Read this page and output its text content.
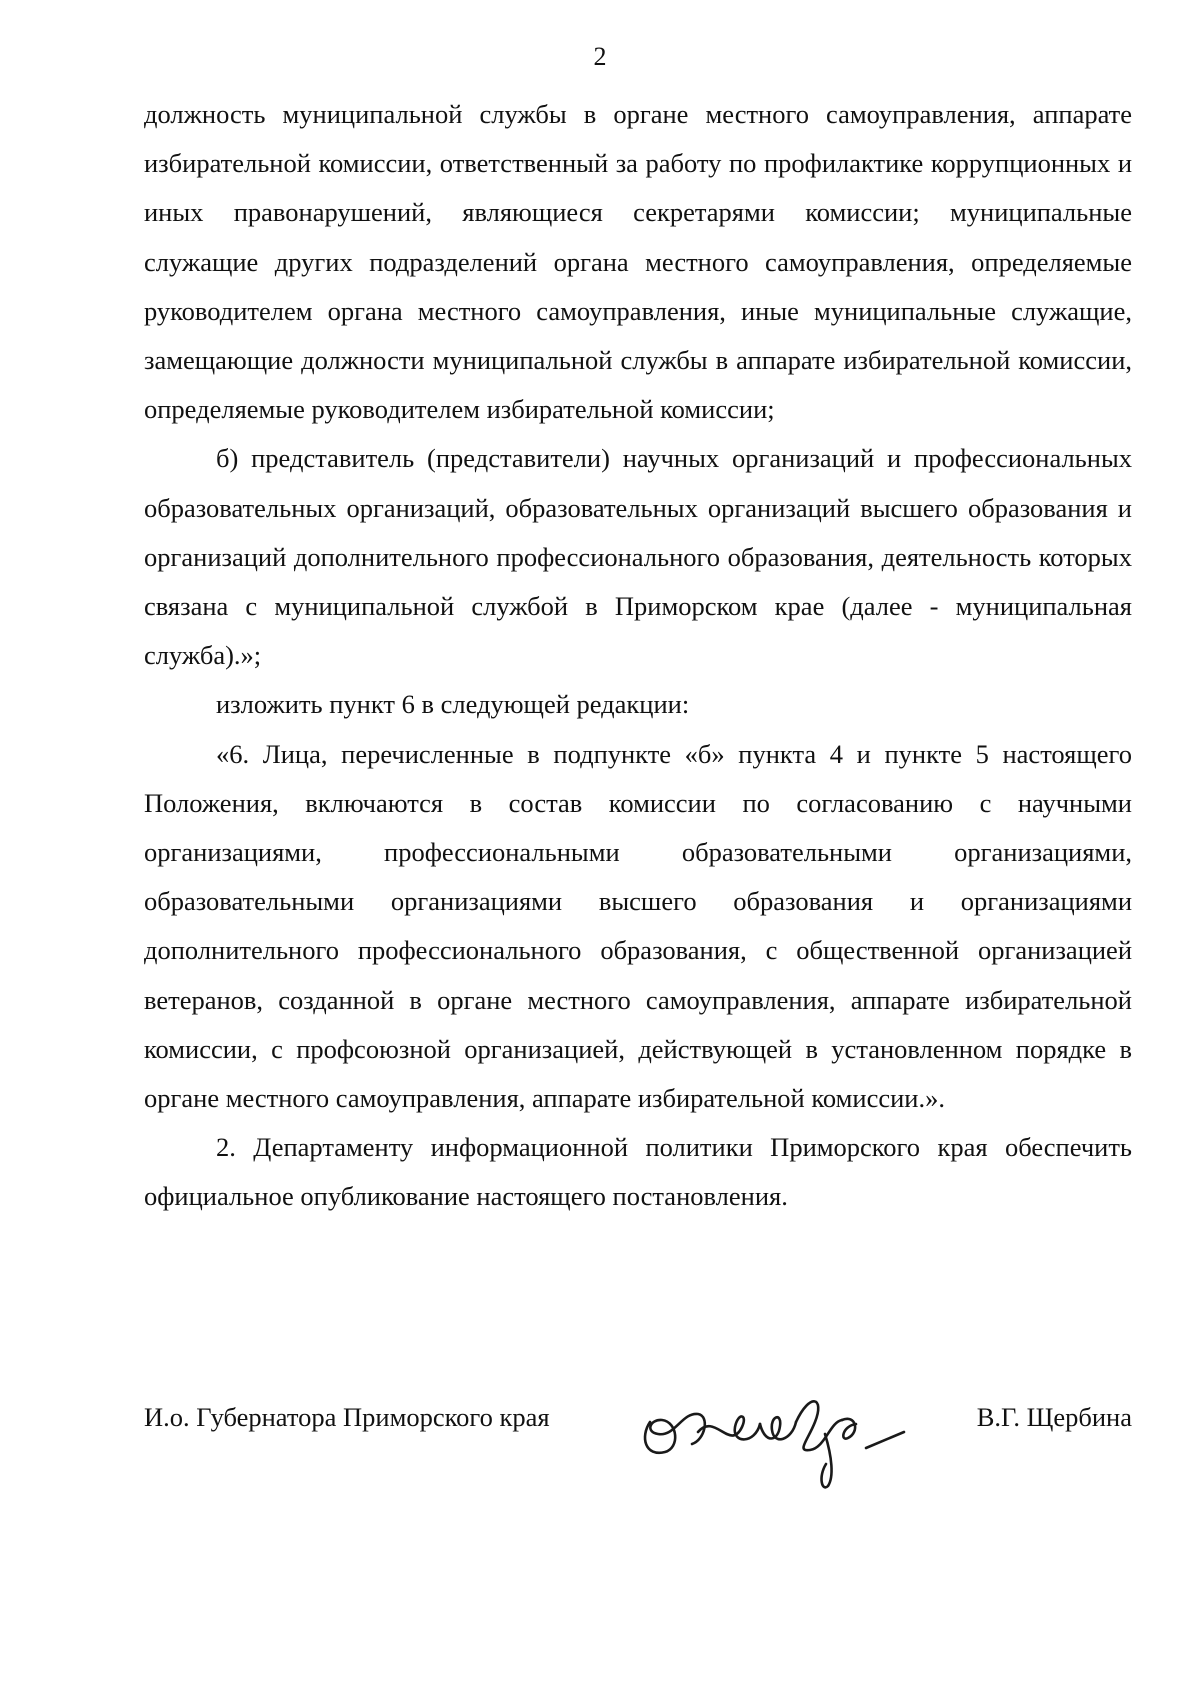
2

должность муниципальной службы в органе местного самоуправления, аппарате избирательной комиссии, ответственный за работу по профилактике коррупционных и иных правонарушений, являющиеся секретарями комиссии; муниципальные служащие других подразделений органа местного самоуправления, определяемые руководителем органа местного самоуправления, иные муниципальные служащие, замещающие должности муниципальной службы в аппарате избирательной комиссии, определяемые руководителем избирательной комиссии;

б) представитель (представители) научных организаций и профессиональных образовательных организаций, образовательных организаций высшего образования и организаций дополнительного профессионального образования, деятельность которых связана с муниципальной службой в Приморском крае (далее - муниципальная служба).»;

изложить пункт 6 в следующей редакции:

«6. Лица, перечисленные в подпункте «б» пункта 4 и пункте 5 настоящего Положения, включаются в состав комиссии по согласованию с научными организациями, профессиональными образовательными организациями, образовательными организациями высшего образования и организациями дополнительного профессионального образования, с общественной организацией ветеранов, созданной в органе местного самоуправления, аппарате избирательной комиссии, с профсоюзной организацией, действующей в установленном порядке в органе местного самоуправления, аппарате избирательной комиссии.».

2. Департаменту информационной политики Приморского края обеспечить официальное опубликование настоящего постановления.

И.о. Губернатора Приморского края	В.Г. Щербина
